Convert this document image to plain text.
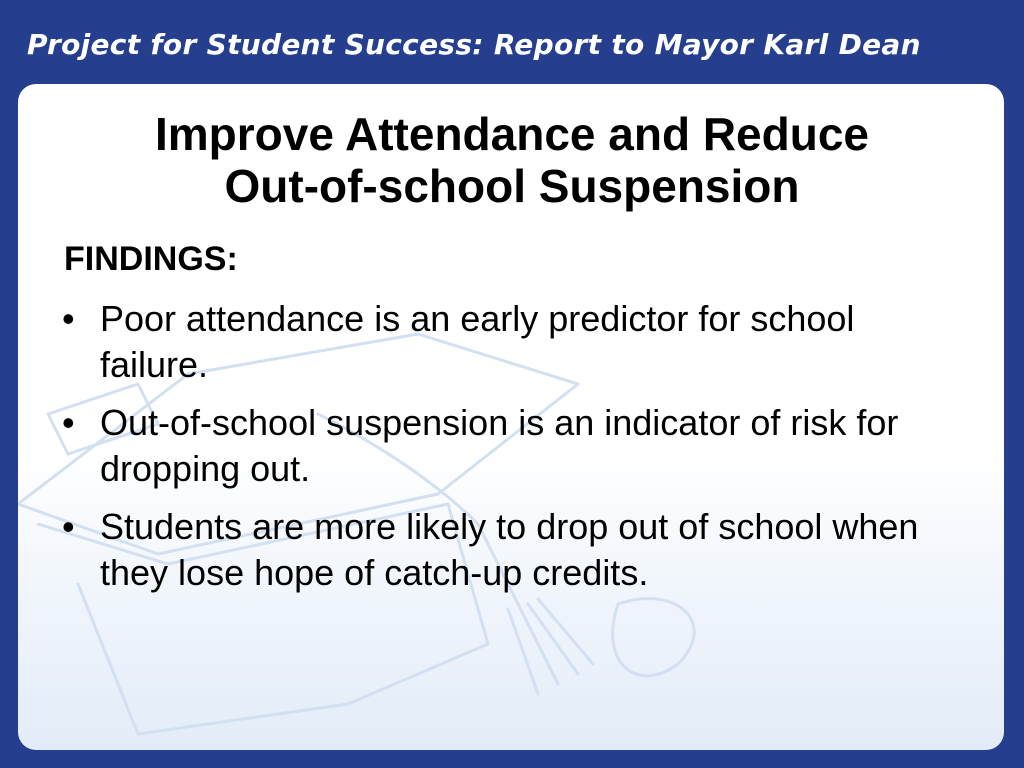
Project for Student Success: Report to Mayor Karl Dean
Improve Attendance and Reduce
Out-of-school Suspension
FINDINGS:
• Poor attendance is an early predictor for school failure.
• Out-of-school suspension is an indicator of risk for dropping out.
• Students are more likely to drop out of school when they lose hope of catch-up credits.
